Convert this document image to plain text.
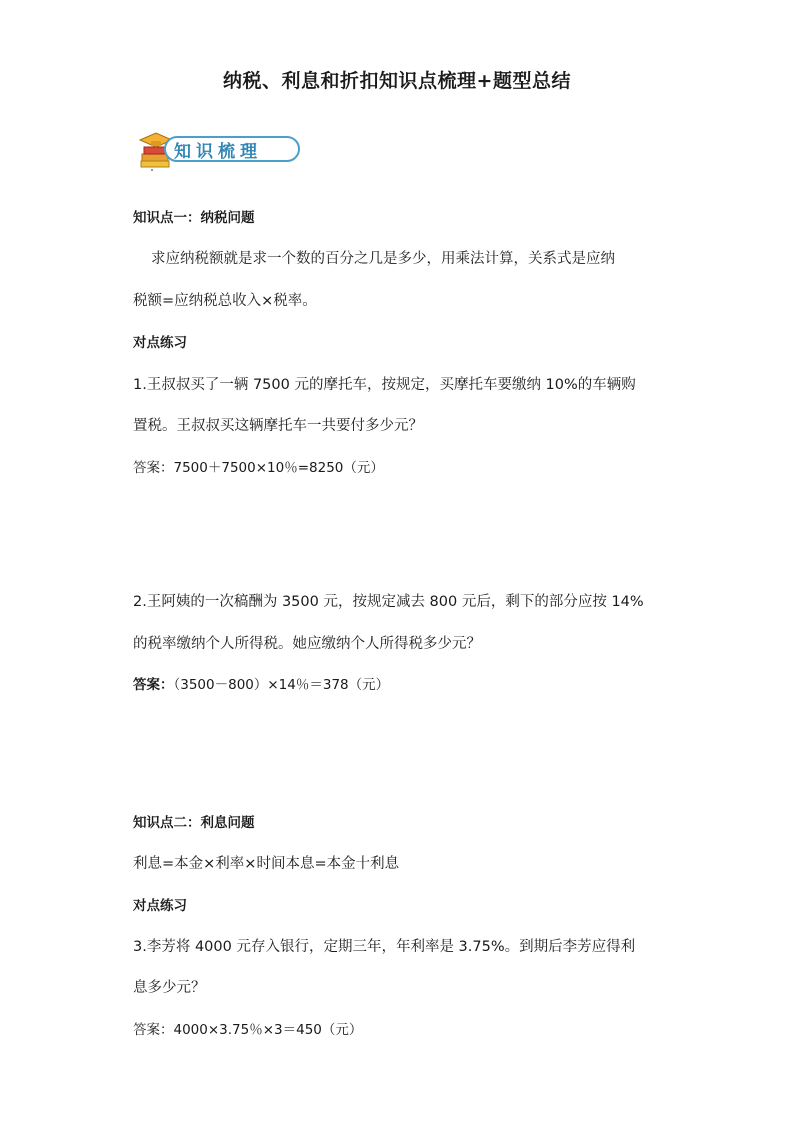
纳税、利息和折扣知识点梳理+题型总结
知识梳理
知识点一：纳税问题
求应纳税额就是求一个数的百分之几是多少，用乘法计算，关系式是应纳
税额=应纳税总收入×税率。
对点练习
1.王叔叔买了一辆 7500 元的摩托车，按规定，买摩托车要缴纳 10%的车辆购
置税。王叔叔买这辆摩托车一共要付多少元？
答案：7500＋7500×10％=8250（元）
2.王阿姨的一次稿酬为 3500 元，按规定减去 800 元后，剩下的部分应按 14%
的税率缴纳个人所得税。她应缴纳个人所得税多少元？
答案：（3500－800）×14％＝378（元）
知识点二：利息问题
利息=本金×利率×时间本息=本金十利息
对点练习
3.李芳将 4000 元存入银行，定期三年，年利率是 3.75%。到期后李芳应得利
息多少元？
答案：4000×3.75％×3＝450（元）
